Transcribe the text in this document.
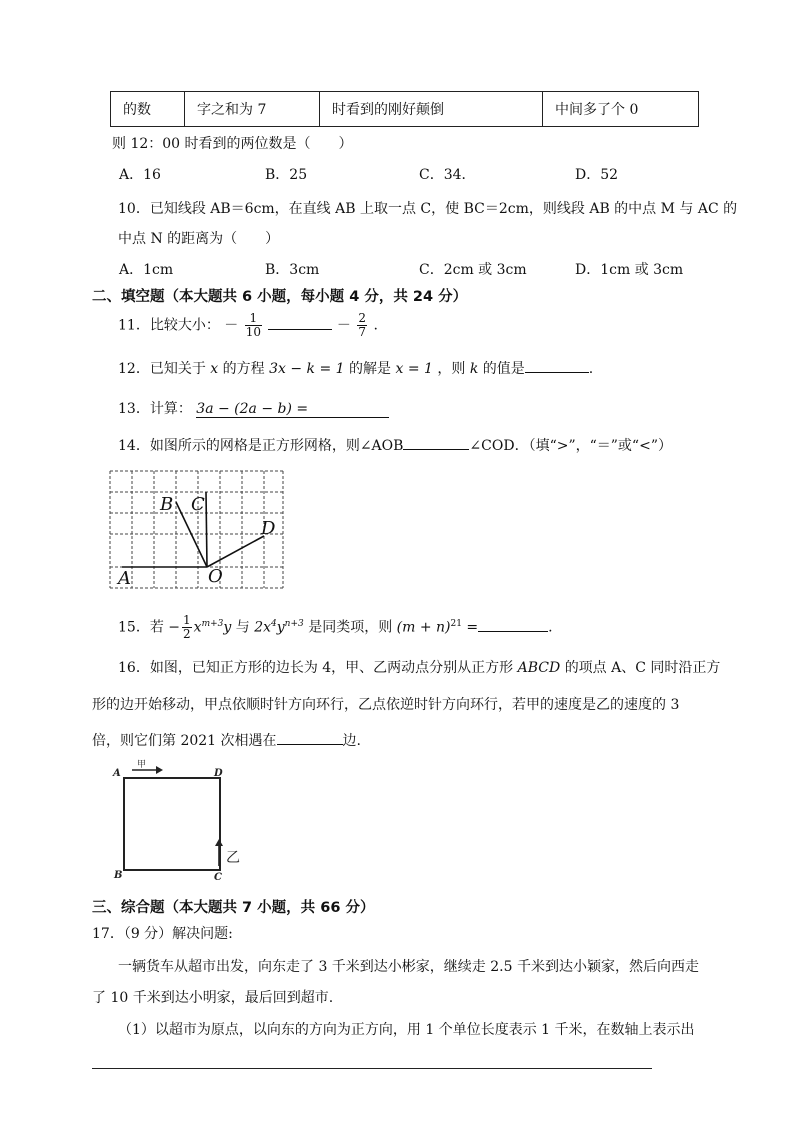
的数	字之和为 7	时看到的刚好颠倒	中间多了个 0
则 12：00 时看到的两位数是（　　）
A．16	B．25	C．34．	D．52
10．已知线段 AB＝6cm，在直线 AB 上取一点 C，使 BC＝2cm，则线段 AB 的中点 M 与 AC 的
中点 N 的距离为（　　）
A．1cm	B．3cm	C．2cm 或 3cm	D．1cm 或 3cm
二、填空题（本大题共 6 小题，每小题 4 分，共 24 分）
11．比较大小： － $\frac{1}{10}$	－ $\frac{2}{7}$ .
12．已知关于 x 的方程 3x − k = 1 的解是 x = 1 ，则 k 的值是	.
13．计算： 3a − (2a − b) =
14．如图所示的网格是正方形网格，则∠AOB	∠COD．（填“>”，“＝”或“<”）
A
B C
D
O
15．若 − $\frac{1}{2} x^{m+3}y$ 与 $2x^4y^{n+3}$ 是同类项，则 $(m + n)^{21}$ =	.
16．如图，已知正方形的边长为 4，甲、乙两动点分别从正方形 ABCD 的项点 A、C 同时沿正方
形的边开始移动，甲点依顺时针方向环行，乙点依逆时针方向环行，若甲的速度是乙的速度的 3
倍，则它们第 2021 次相遇在	边.
A
B	C
D
甲
乙
三、综合题（本大题共 7 小题，共 66 分）
17．（9 分）解决问题:
一辆货车从超市出发，向东走了 3 千米到达小彬家，继续走 2.5 千米到达小颖家，然后向西走
了 10 千米到达小明家，最后回到超市.
（1）以超市为原点，以向东的方向为正方向，用 1 个单位长度表示 1 千米，在数轴上表示出
